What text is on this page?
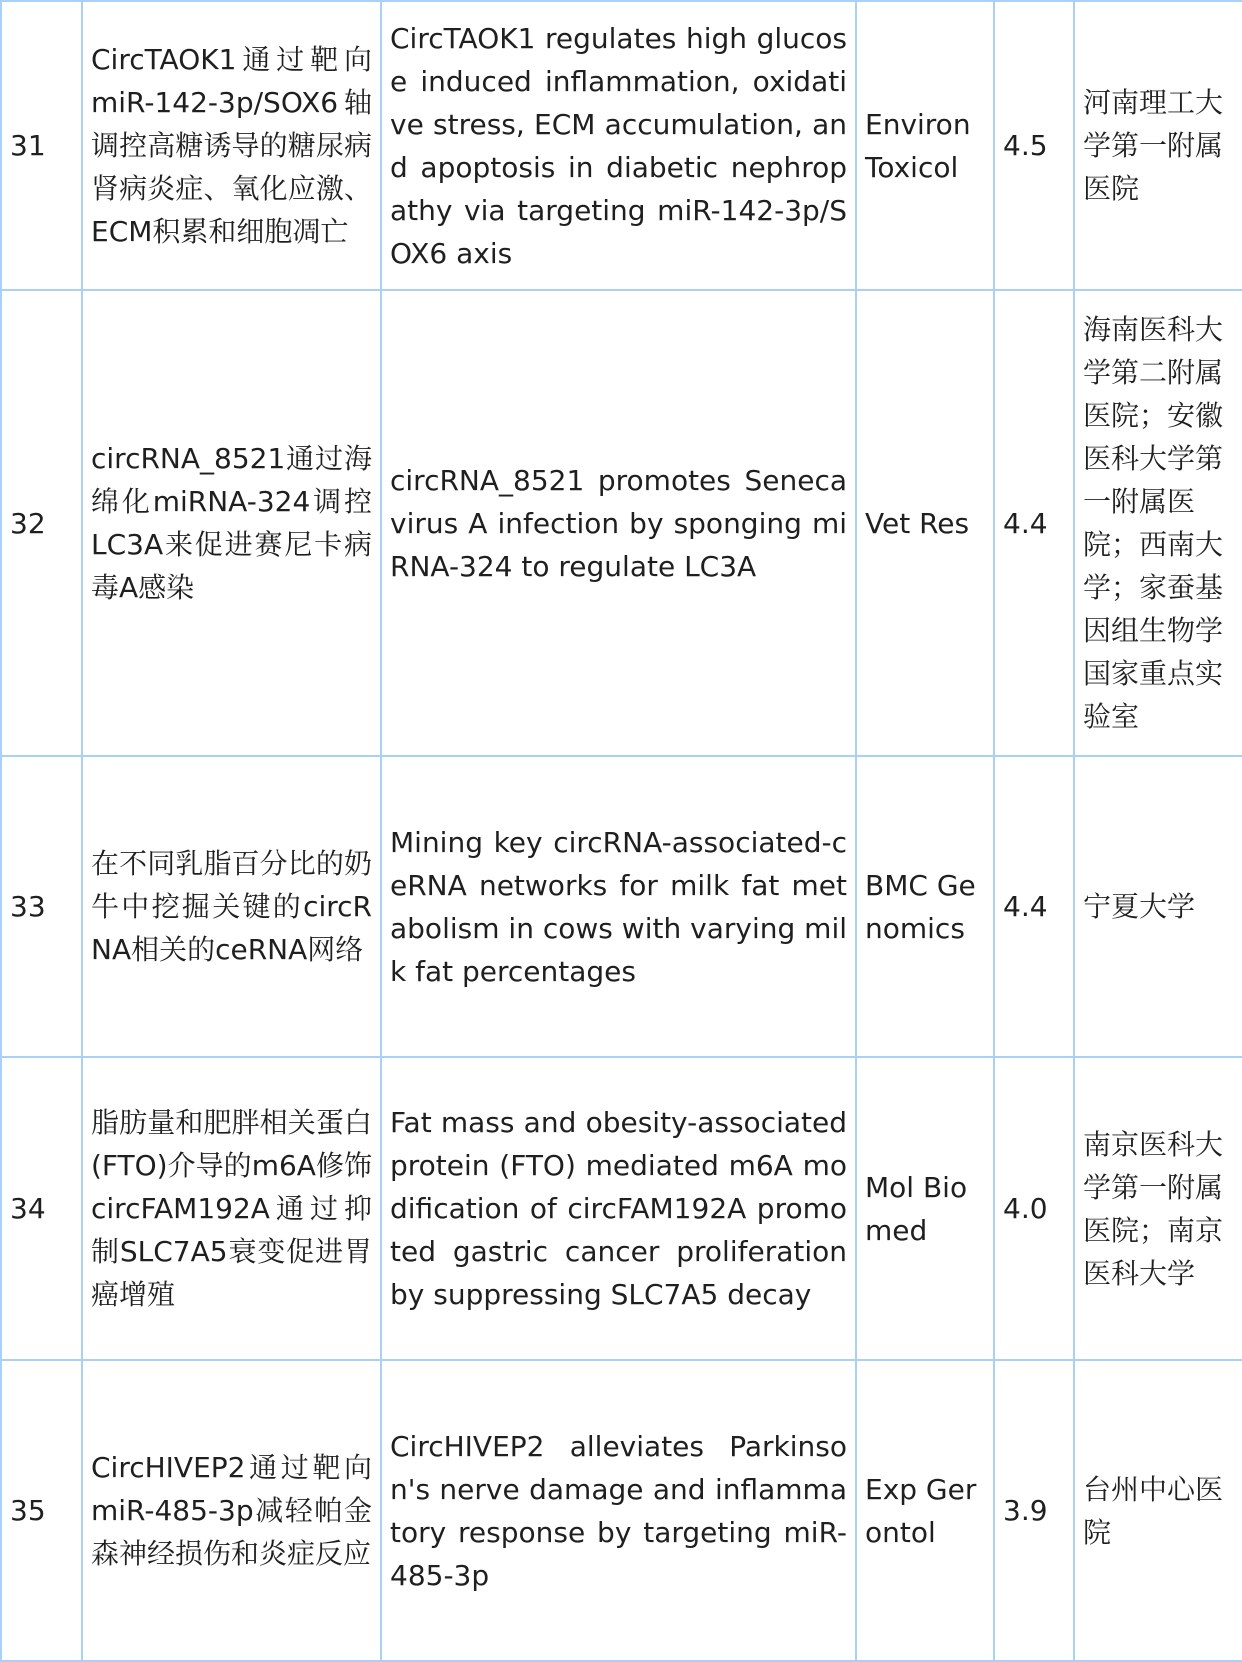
31	CircTAOK1通过靶向miR-142-3p/SOX6轴调控高糖诱导的糖尿病肾病炎症、氧化应激、ECM积累和细胞凋亡	CircTAOK1 regulates high glucose induced inflammation, oxidative stress, ECM accumulation, and apoptosis in diabetic nephropathy via targeting miR-142-3p/SOX6 axis	Environ Toxicol	4.5	河南理工大学第一附属医院
32	circRNA_8521通过海绵化miRNA-324调控LC3A来促进赛尼卡病毒A感染	circRNA_8521 promotes Senecavirus A infection by sponging miRNA-324 to regulate LC3A	Vet Res	4.4	海南医科大学第二附属医院；安徽医科大学第一附属医院；西南大学；家蚕基因组生物学国家重点实验室
33	在不同乳脂百分比的奶牛中挖掘关键的circRNA相关的ceRNA网络	Mining key circRNA-associated-ceRNA networks for milk fat metabolism in cows with varying milk fat percentages	BMC Genomics	4.4	宁夏大学
34	脂肪量和肥胖相关蛋白(FTO)介导的m6A修饰circFAM192A通过抑制SLC7A5衰变促进胃癌增殖	Fat mass and obesity-associated protein (FTO) mediated m6A modification of circFAM192A promoted gastric cancer proliferation by suppressing SLC7A5 decay	Mol Biomed	4.0	南京医科大学第一附属医院；南京医科大学
35	CircHIVEP2通过靶向miR-485-3p减轻帕金森神经损伤和炎症反应	CircHIVEP2 alleviates Parkinson's nerve damage and inflammatory response by targeting miR-485-3p	Exp Gerontol	3.9	台州中心医院
